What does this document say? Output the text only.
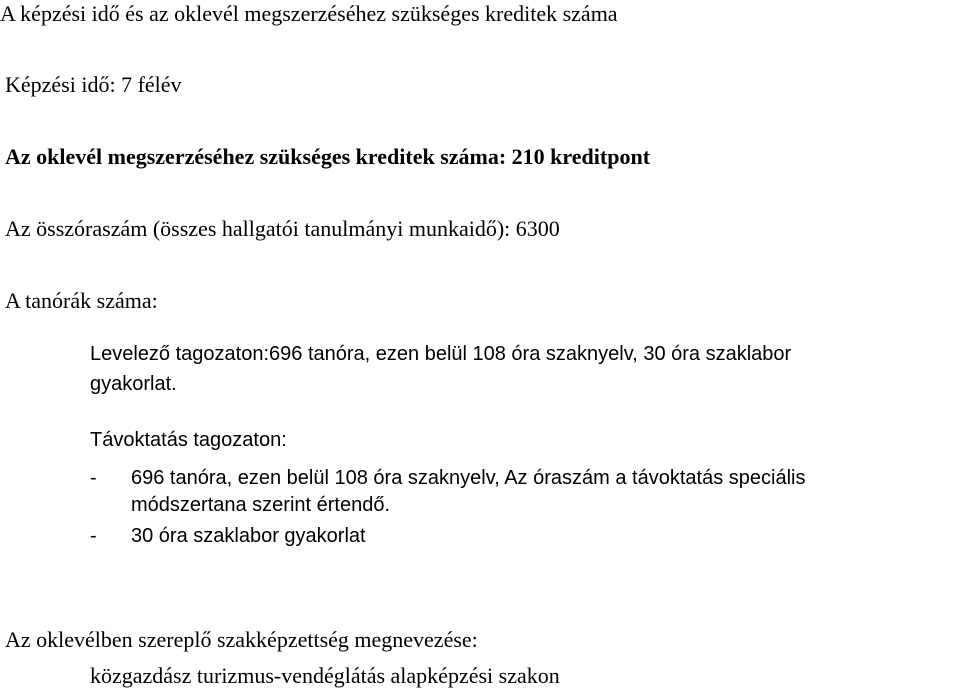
A képzési idő és az oklevél megszerzéséhez szükséges kreditek száma
Képzési idő: 7 félév
Az oklevél megszerzéséhez szükséges kreditek száma: 210 kreditpont
Az összóraszám (összes hallgatói tanulmányi munkaidő): 6300
A tanórák száma:
Levelező tagozaton:696 tanóra, ezen belül 108 óra szaknyelv, 30 óra szaklabor
gyakorlat.
Távoktatás tagozaton:
- 696 tanóra, ezen belül 108 óra szaknyelv, Az óraszám a távoktatás speciális
módszertana szerint értendő.
- 30 óra szaklabor gyakorlat
Az oklevélben szereplő szakképzettség megnevezése:
közgazdász turizmus-vendéglátás alapképzési szakon
